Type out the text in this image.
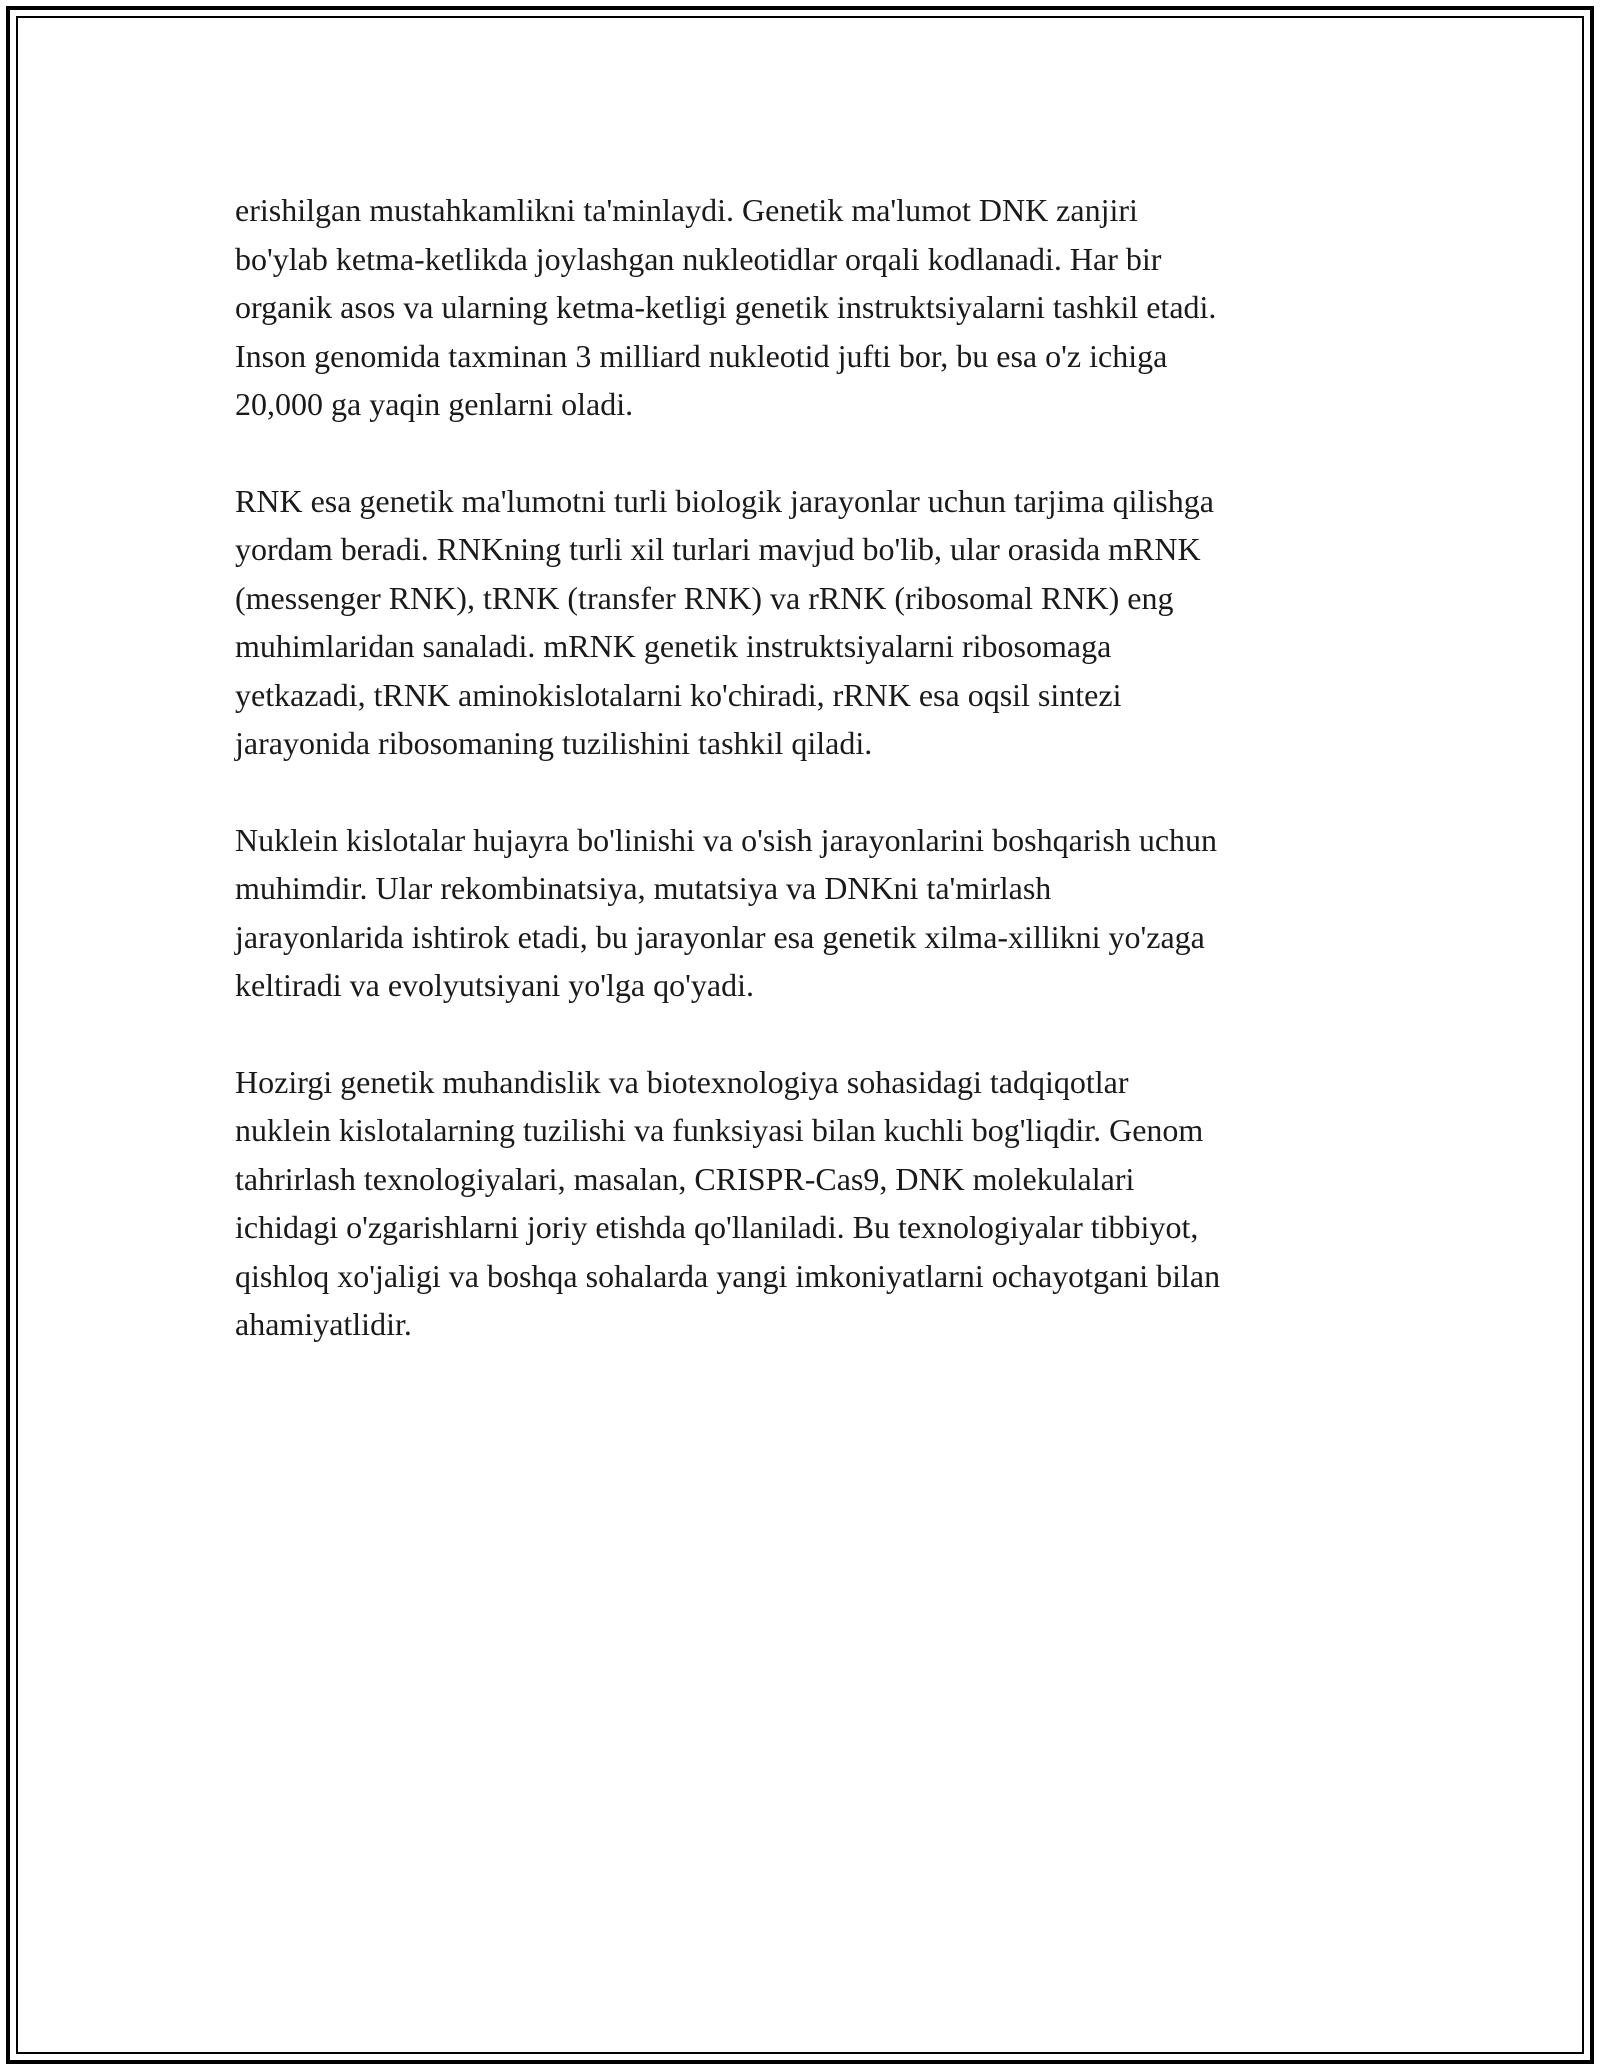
erishilgan mustahkamlikni ta'minlaydi. Genetik ma'lumot DNK zanjiri
bo'ylab ketma-ketlikda joylashgan nukleotidlar orqali kodlanadi. Har bir
organik asos va ularning ketma-ketligi genetik instruktsiyalarni tashkil etadi.
Inson genomida taxminan 3 milliard nukleotid jufti bor, bu esa o'z ichiga
20,000 ga yaqin genlarni oladi.

RNK esa genetik ma'lumotni turli biologik jarayonlar uchun tarjima qilishga
yordam beradi. RNKning turli xil turlari mavjud bo'lib, ular orasida mRNK
(messenger RNK), tRNK (transfer RNK) va rRNK (ribosomal RNK) eng
muhimlaridan sanaladi. mRNK genetik instruktsiyalarni ribosomaga
yetkazadi, tRNK aminokislotalarni ko'chiradi, rRNK esa oqsil sintezi
jarayonida ribosomaning tuzilishini tashkil qiladi.

Nuklein kislotalar hujayra bo'linishi va o'sish jarayonlarini boshqarish uchun
muhimdir. Ular rekombinatsiya, mutatsiya va DNKni ta'mirlash
jarayonlarida ishtirok etadi, bu jarayonlar esa genetik xilma-xillikni yo'zaga
keltiradi va evolyutsiyani yo'lga qo'yadi.

Hozirgi genetik muhandislik va biotexnologiya sohasidagi tadqiqotlar
nuklein kislotalarning tuzilishi va funksiyasi bilan kuchli bog'liqdir. Genom
tahrirlash texnologiyalari, masalan, CRISPR-Cas9, DNK molekulalari
ichidagi o'zgarishlarni joriy etishda qo'llaniladi. Bu texnologiyalar tibbiyot,
qishloq xo'jaligi va boshqa sohalarda yangi imkoniyatlarni ochayotgani bilan
ahamiyatlidir.
